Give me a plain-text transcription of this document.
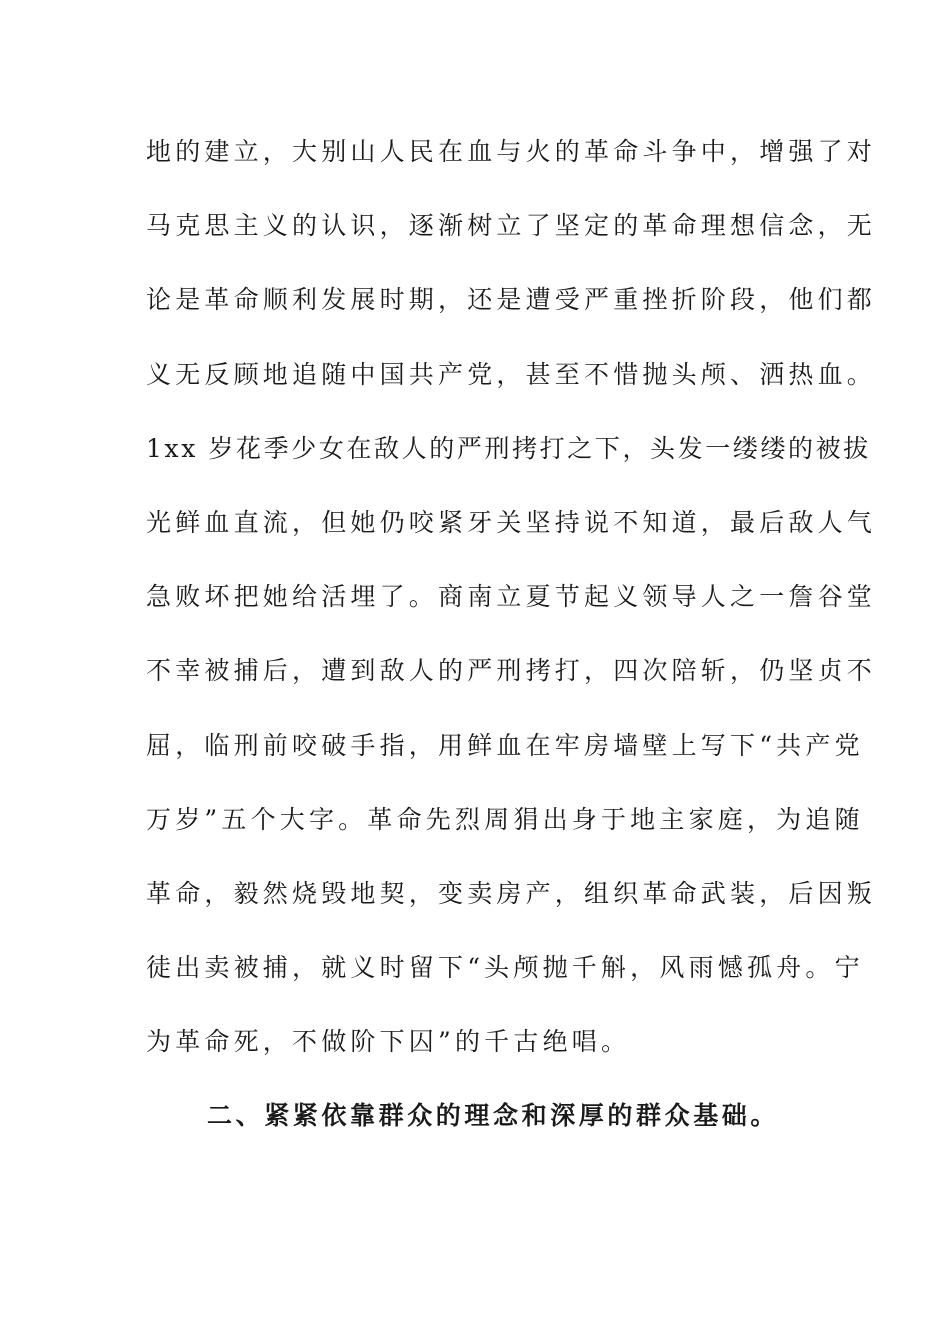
地的建立，大别山人民在血与火的革命斗争中，增强了对
马克思主义的认识，逐渐树立了坚定的革命理想信念，无
论是革命顺利发展时期，还是遭受严重挫折阶段，他们都
义无反顾地追随中国共产党，甚至不惜抛头颅、洒热血。
1xx 岁花季少女在敌人的严刑拷打之下，头发一缕缕的被拔
光鲜血直流，但她仍咬紧牙关坚持说不知道，最后敌人气
急败坏把她给活埋了。商南立夏节起义领导人之一詹谷堂
不幸被捕后，遭到敌人的严刑拷打，四次陪斩，仍坚贞不
屈，临刑前咬破手指，用鲜血在牢房墙壁上写下“共产党
万岁”五个大字。革命先烈周狷出身于地主家庭，为追随
革命，毅然烧毁地契，变卖房产，组织革命武装，后因叛
徒出卖被捕，就义时留下“头颅抛千斛，风雨憾孤舟。宁
为革命死，不做阶下囚”的千古绝唱。
二、紧紧依靠群众的理念和深厚的群众基础。
